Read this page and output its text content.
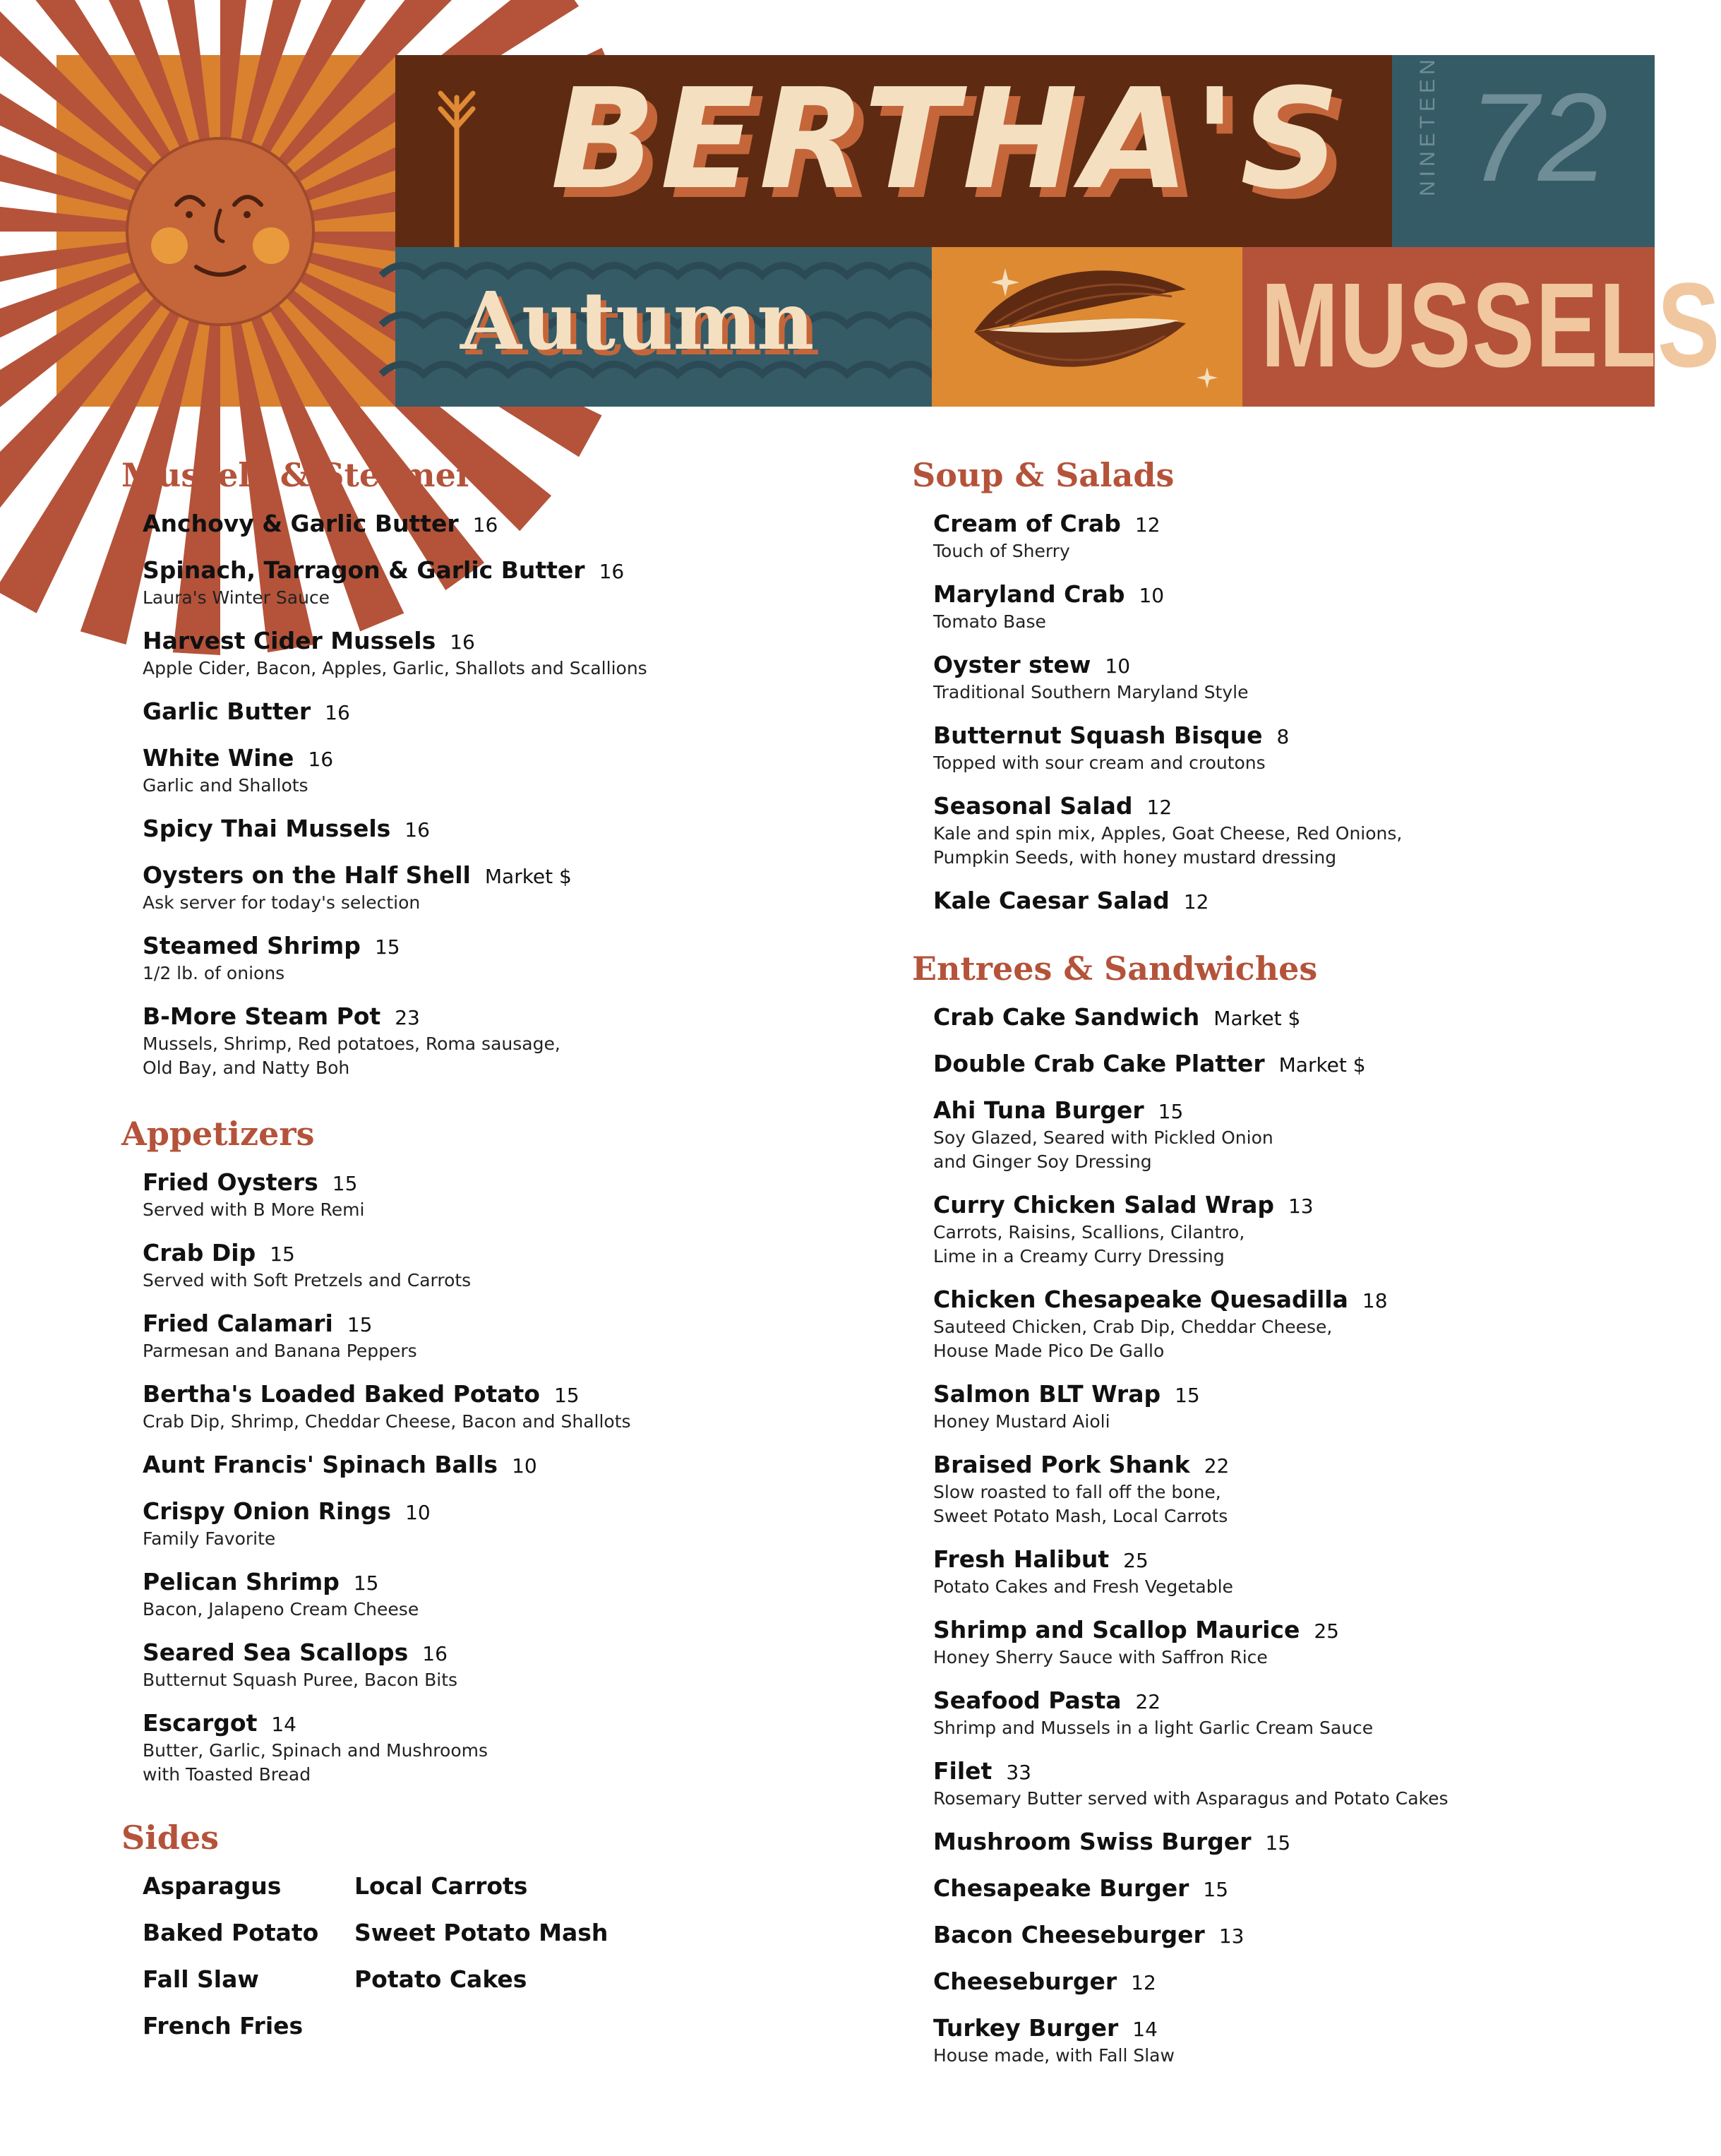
BERTHA'S	NINETEEN 72
Autumn	MUSSELS
Mussels & Steamers
Anchovy & Garlic Butter 16
Spinach, Tarragon & Garlic Butter 16
Laura's Winter Sauce
Harvest Cider Mussels 16
Apple Cider, Bacon, Apples, Garlic, Shallots and Scallions
Garlic Butter 16
White Wine 16
Garlic and Shallots
Spicy Thai Mussels 16
Oysters on the Half Shell Market $
Ask server for today's selection
Steamed Shrimp 15
1/2 lb. of onions
B-More Steam Pot 23
Mussels, Shrimp, Red potatoes, Roma sausage,
Old Bay, and Natty Boh
Appetizers
Fried Oysters 15
Served with B More Remi
Crab Dip 15
Served with Soft Pretzels and Carrots
Fried Calamari 15
Parmesan and Banana Peppers
Bertha's Loaded Baked Potato 15
Crab Dip, Shrimp, Cheddar Cheese, Bacon and Shallots
Aunt Francis' Spinach Balls 10
Crispy Onion Rings 10
Family Favorite
Pelican Shrimp 15
Bacon, Jalapeno Cream Cheese
Seared Sea Scallops 16
Butternut Squash Puree, Bacon Bits
Escargot 14
Butter, Garlic, Spinach and Mushrooms
with Toasted Bread
Sides
Asparagus
Baked Potato
Fall Slaw
French Fries
Local Carrots
Sweet Potato Mash
Potato Cakes
Soup & Salads
Cream of Crab 12
Touch of Sherry
Maryland Crab 10
Tomato Base
Oyster stew 10
Traditional Southern Maryland Style
Butternut Squash Bisque 8
Topped with sour cream and croutons
Seasonal Salad 12
Kale and spin mix, Apples, Goat Cheese, Red Onions,
Pumpkin Seeds, with honey mustard dressing
Kale Caesar Salad 12
Entrees & Sandwiches
Crab Cake Sandwich Market $
Double Crab Cake Platter Market $
Ahi Tuna Burger 15
Soy Glazed, Seared with Pickled Onion
and Ginger Soy Dressing
Curry Chicken Salad Wrap 13
Carrots, Raisins, Scallions, Cilantro,
Lime in a Creamy Curry Dressing
Chicken Chesapeake Quesadilla 18
Sauteed Chicken, Crab Dip, Cheddar Cheese,
House Made Pico De Gallo
Salmon BLT Wrap 15
Honey Mustard Aioli
Braised Pork Shank 22
Slow roasted to fall off the bone,
Sweet Potato Mash, Local Carrots
Fresh Halibut 25
Potato Cakes and Fresh Vegetable
Shrimp and Scallop Maurice 25
Honey Sherry Sauce with Saffron Rice
Seafood Pasta 22
Shrimp and Mussels in a light Garlic Cream Sauce
Filet 33
Rosemary Butter served with Asparagus and Potato Cakes
Mushroom Swiss Burger 15
Chesapeake Burger 15
Bacon Cheeseburger 13
Cheeseburger 12
Turkey Burger 14
House made, with Fall Slaw
